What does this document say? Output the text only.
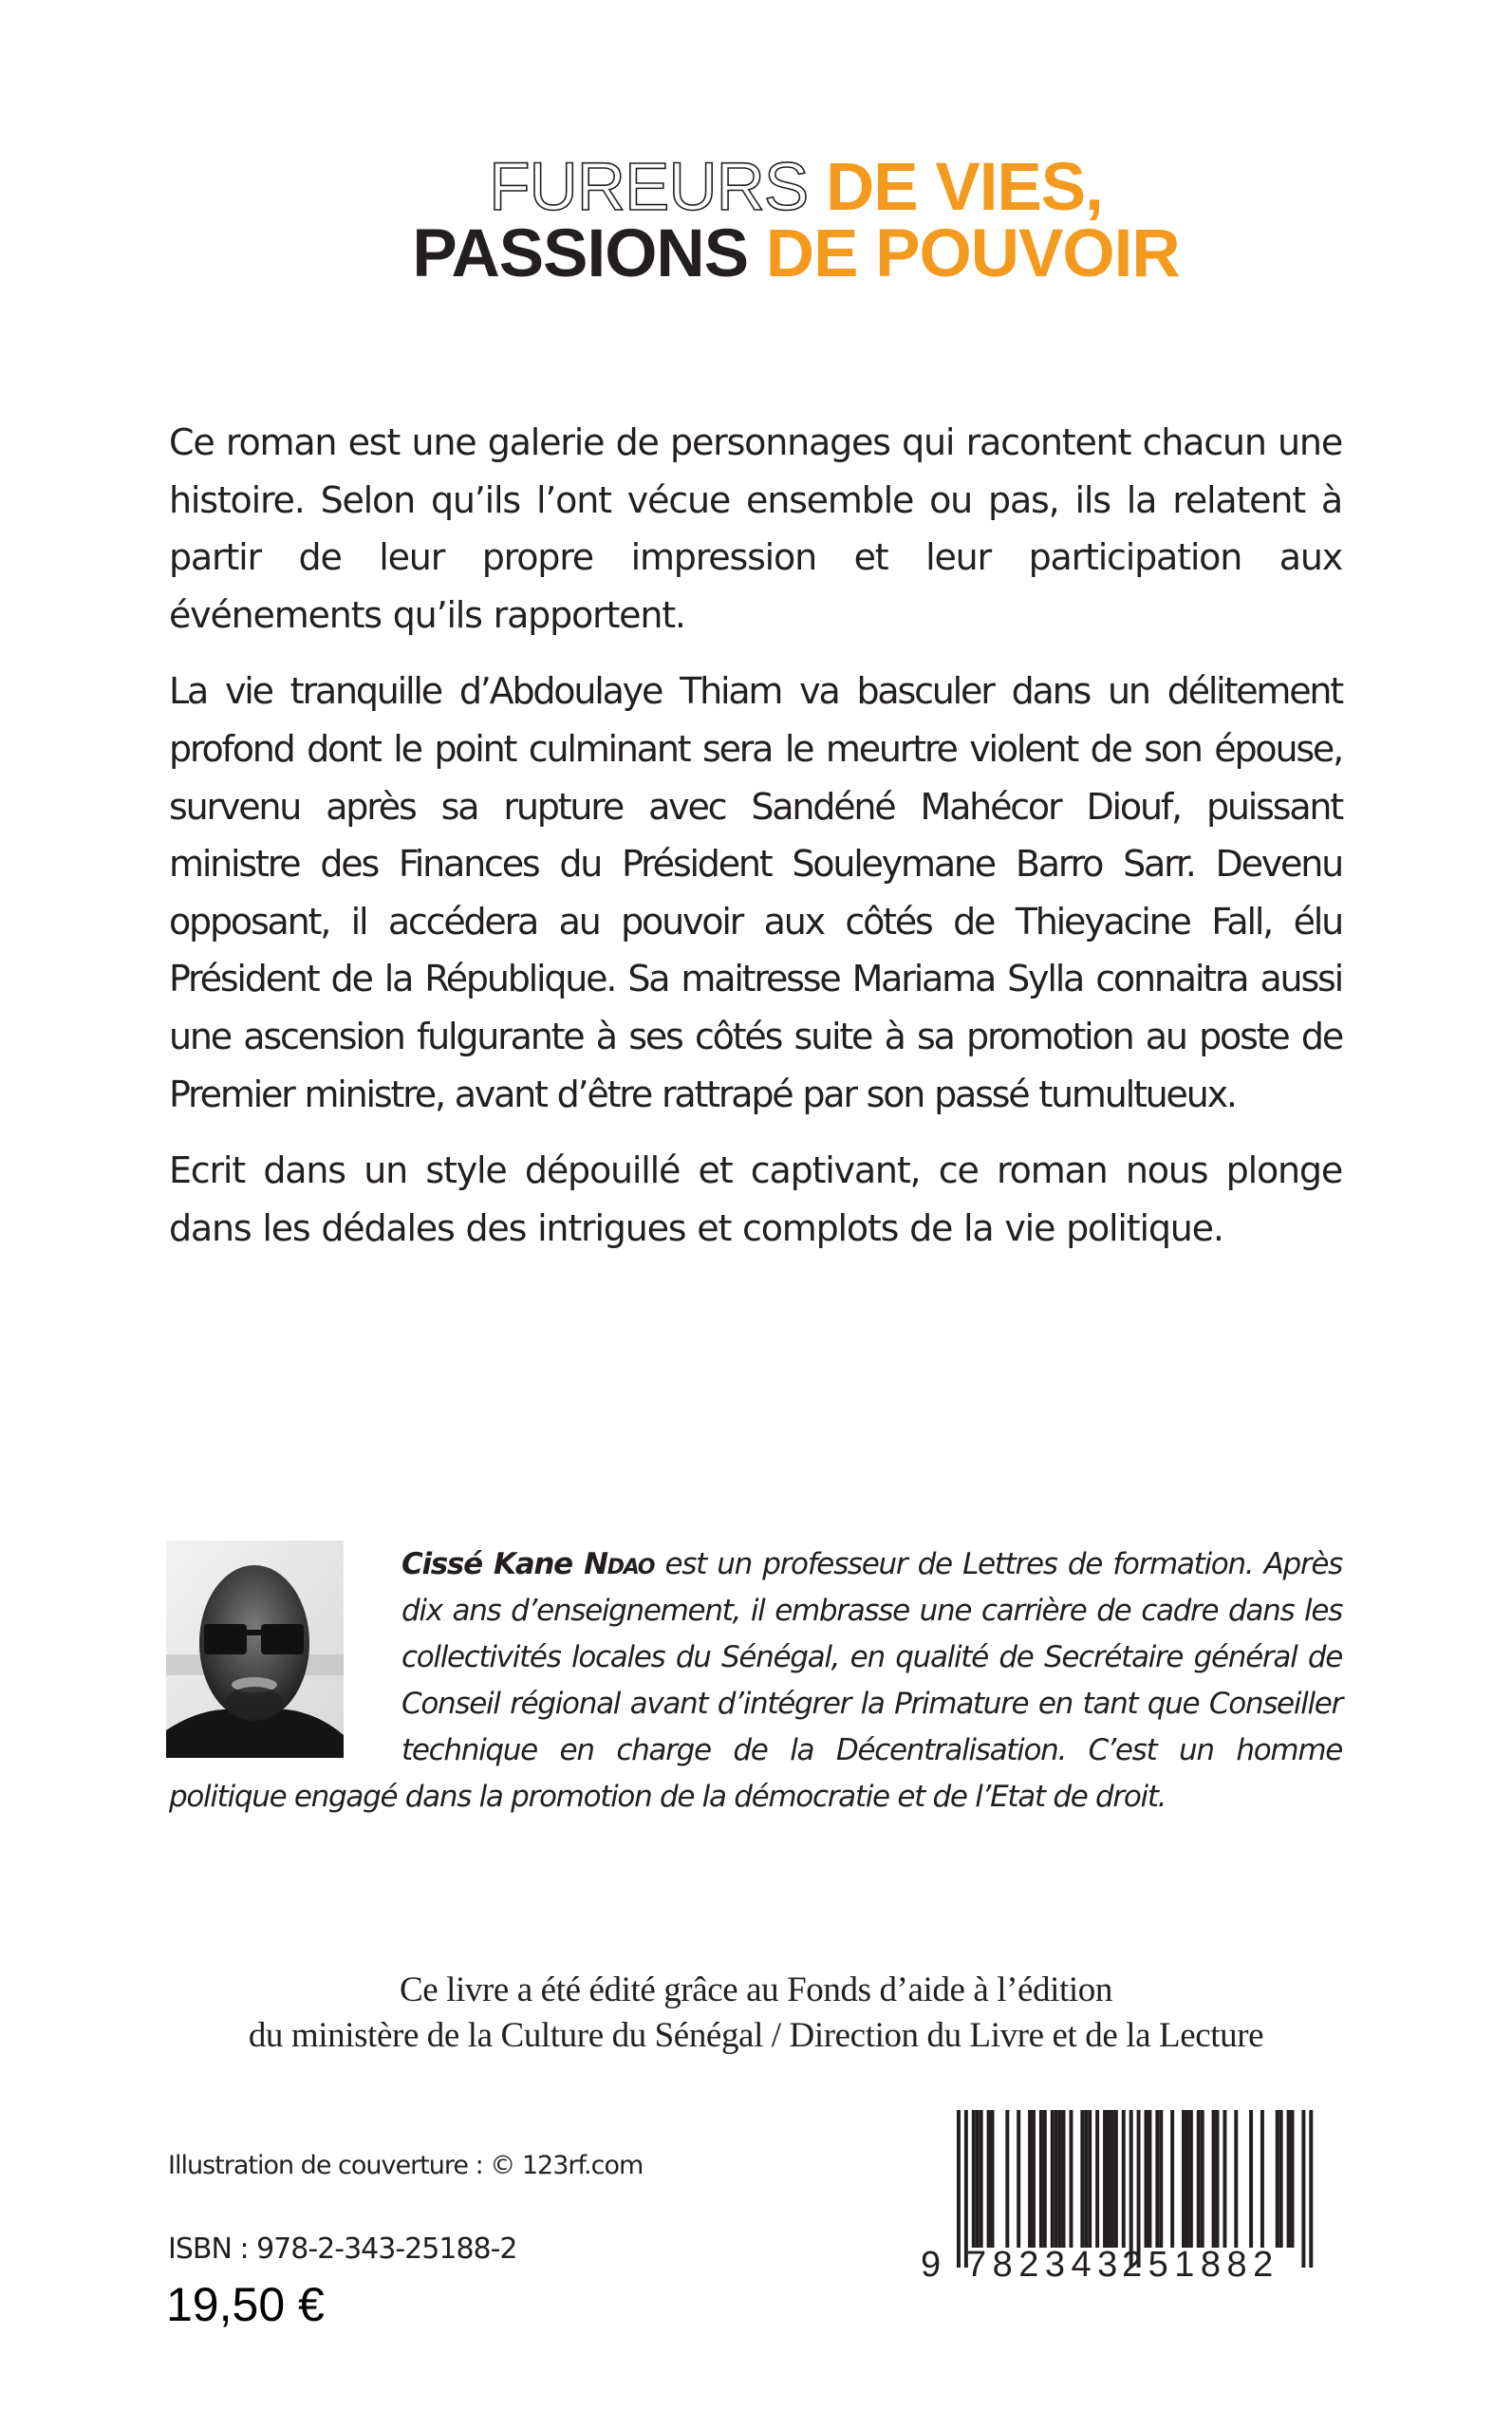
FUREURS DE VIES,
PASSIONS DE POUVOIR

Ce roman est une galerie de personnages qui racontent chacun une histoire. Selon qu’ils l’ont vécue ensemble ou pas, ils la relatent à partir de leur propre impression et leur participation aux événements qu’ils rapportent.

La vie tranquille d’Abdoulaye Thiam va basculer dans un délitement profond dont le point culminant sera le meurtre violent de son épouse, survenu après sa rupture avec Sandéné Mahécor Diouf, puissant ministre des Finances du Président Souleymane Barro Sarr. Devenu opposant, il accédera au pouvoir aux côtés de Thieyacine Fall, élu Président de la République. Sa maitresse Mariama Sylla connaitra aussi une ascension fulgurante à ses côtés suite à sa promotion au poste de Premier ministre, avant d’être rattrapé par son passé tumultueux.

Ecrit dans un style dépouillé et captivant, ce roman nous plonge dans les dédales des intrigues et complots de la vie politique.

Cissé Kane Ndao est un professeur de Lettres de formation. Après dix ans d’enseignement, il embrasse une carrière de cadre dans les collectivités locales du Sénégal, en qualité de Secrétaire général de Conseil régional avant d’intégrer la Primature en tant que Conseiller technique en charge de la Décentralisation. C’est un homme politique engagé dans la promotion de la démocratie et de l’Etat de droit.
Ce livre a été édité grâce au Fonds d’aide à l’édition
du ministère de la Culture du Sénégal / Direction du Livre et de la Lecture
Illustration de couverture : © 123rf.com
ISBN : 978-2-343-25188-2
19,50 €
9 782343
251882
